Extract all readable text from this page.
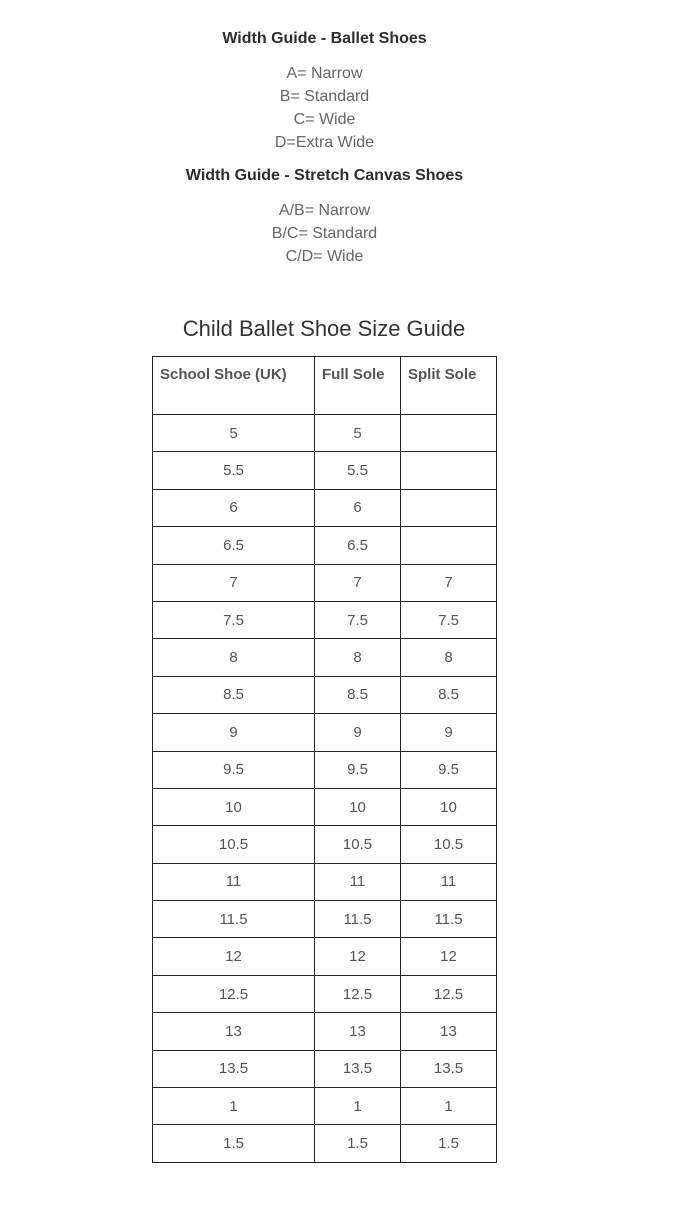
Width Guide - Ballet Shoes
A= Narrow
B= Standard
C= Wide
D=Extra Wide
Width Guide - Stretch Canvas Shoes
A/B= Narrow
B/C= Standard
C/D= Wide
Child Ballet Shoe Size Guide
School Shoe (UK)	Full Sole	Split Sole
5	5	
5.5	5.5	
6	6	
6.5	6.5	
7	7	7
7.5	7.5	7.5
8	8	8
8.5	8.5	8.5
9	9	9
9.5	9.5	9.5
10	10	10
10.5	10.5	10.5
11	11	11
11.5	11.5	11.5
12	12	12
12.5	12.5	12.5
13	13	13
13.5	13.5	13.5
1	1	1
1.5	1.5	1.5
